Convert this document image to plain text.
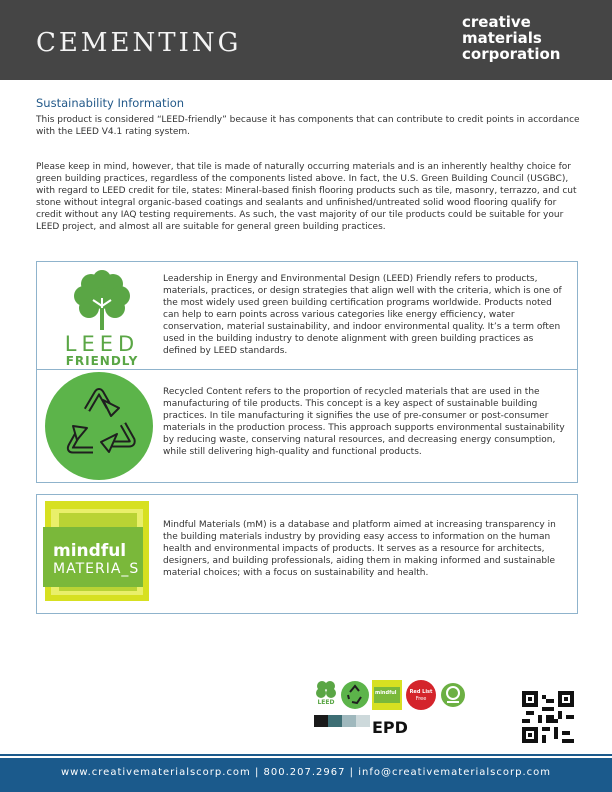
CEMENTING
creative
materials
corporation
Sustainability Information

This product is considered “LEED-friendly” because it has components that can contribute to credit points in accordance with the LEED V4.1 rating system.

Please keep in mind, however, that tile is made of naturally occurring materials and is an inherently healthy choice for green building practices, regardless of the components listed above. In fact, the U.S. Green Building Council (USGBC), with regard to LEED credit for tile, states: Mineral-based finish flooring products such as tile, masonry, terrazzo, and cut stone without integral organic-based coatings and sealants and unfinished/untreated solid wood flooring qualify for credit without any IAQ testing requirements. As such, the vast majority of our tile products could be suitable for your LEED project, and almost all are suitable for general green building practices.

LEED
FRIENDLY

Leadership in Energy and Environmental Design (LEED) Friendly refers to products, materials, practices, or design strategies that align well with the criteria, which is one of the most widely used green building certification programs worldwide. Products noted can help to earn points across various categories like energy efficiency, water conservation, material sustainability, and indoor environmental quality. It’s a term often used in the building industry to denote alignment with green building practices as defined by LEED standards.

Recycled Content refers to the proportion of recycled materials that are used in the manufacturing of tile products. This concept is a key aspect of sustainable building practices. In tile manufacturing it signifies the use of pre-consumer or post-consumer materials in the production process. This approach supports environmental sustainability by reducing waste, conserving natural resources, and decreasing energy consumption, while still delivering high-quality and functional products.

mindful
MATERIA_S

Mindful Materials (mM) is a database and platform aimed at increasing transparency in the building materials industry by providing easy access to information on the human health and environmental impacts of products. It serves as a resource for architects, designers, and building professionals, aiding them in making informed and sustainable material choices; with a focus on sustainability and health.

LEED
mindful	Red List
Free
EPD
www.creativematerialscorp.com | 800.207.2967 | info@creativematerialscorp.com
